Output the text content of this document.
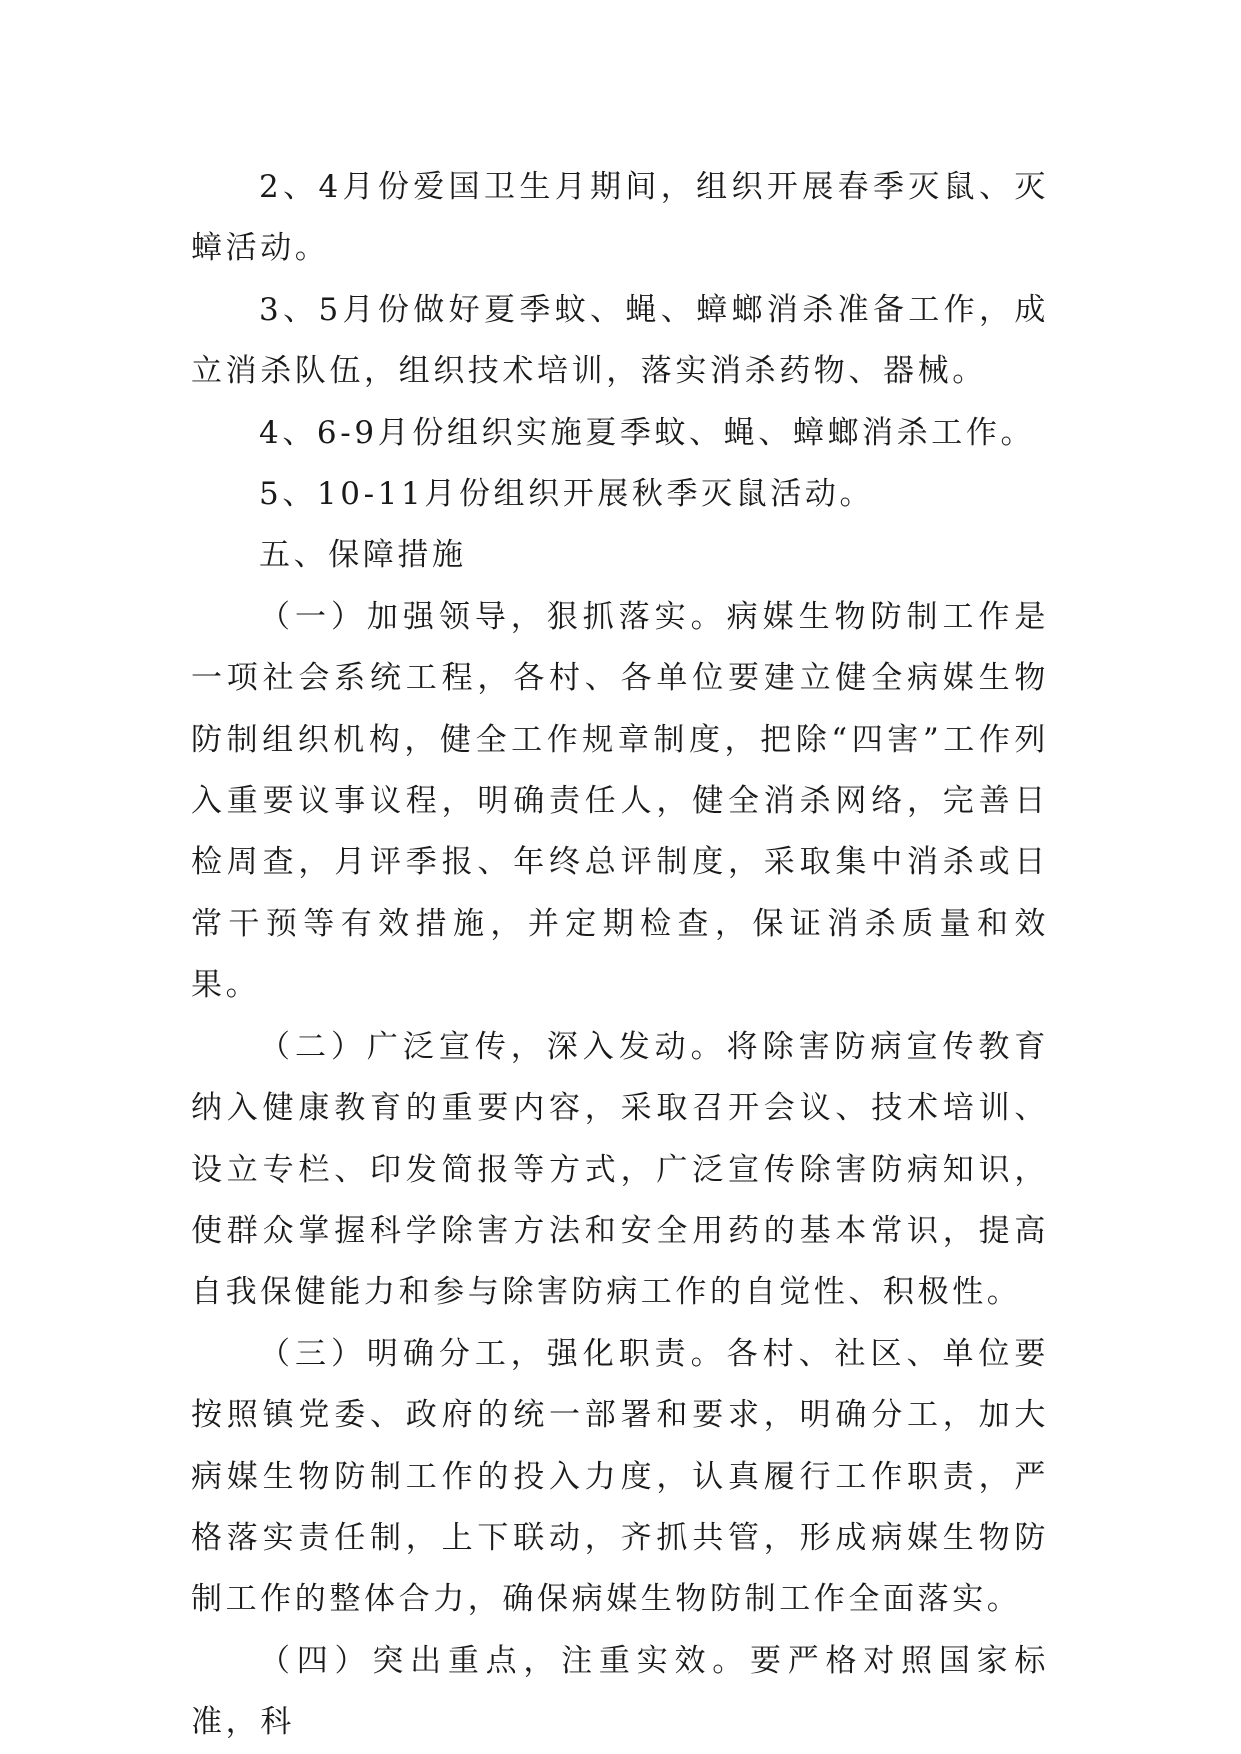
2、4月份爱国卫生月期间，组织开展春季灭鼠、灭蟑活动。

3、5月份做好夏季蚊、蝇、蟑螂消杀准备工作，成立消杀队伍，组织技术培训，落实消杀药物、器械。

4、6-9月份组织实施夏季蚊、蝇、蟑螂消杀工作。

5、10-11月份组织开展秋季灭鼠活动。

五、保障措施

（一）加强领导，狠抓落实。病媒生物防制工作是一项社会系统工程，各村、各单位要建立健全病媒生物防制组织机构，健全工作规章制度，把除“四害”工作列入重要议事议程，明确责任人，健全消杀网络，完善日检周查，月评季报、年终总评制度，采取集中消杀或日常干预等有效措施，并定期检查，保证消杀质量和效果。

（二）广泛宣传，深入发动。将除害防病宣传教育纳入健康教育的重要内容，采取召开会议、技术培训、设立专栏、印发简报等方式，广泛宣传除害防病知识，使群众掌握科学除害方法和安全用药的基本常识，提高自我保健能力和参与除害防病工作的自觉性、积极性。

（三）明确分工，强化职责。各村、社区、单位要按照镇党委、政府的统一部署和要求，明确分工，加大病媒生物防制工作的投入力度，认真履行工作职责，严格落实责任制，上下联动，齐抓共管，形成病媒生物防制工作的整体合力，确保病媒生物防制工作全面落实。

（四）突出重点，注重实效。要严格对照国家标准，科
